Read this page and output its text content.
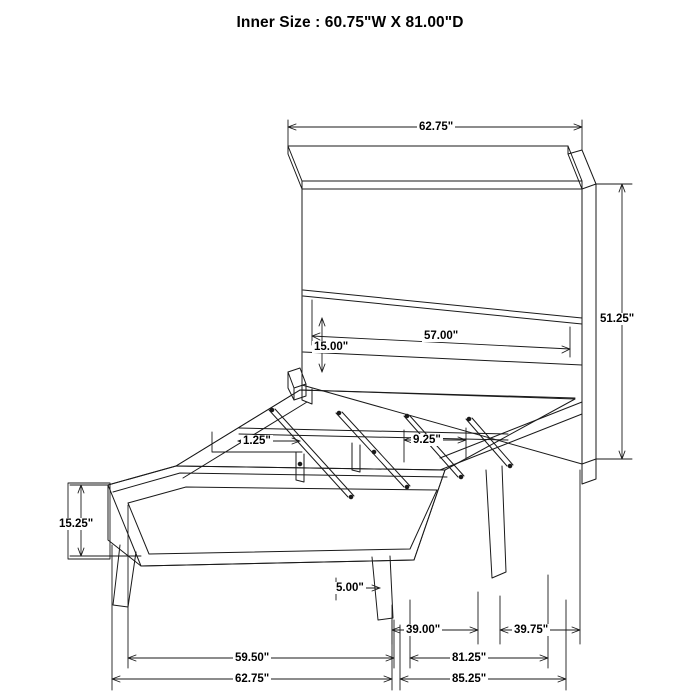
Inner Size : 60.75"W X 81.00"D
62.75"
51.25"
57.00"
15.00"
1.25"	9.25"
15.25"
5.00"
39.00"	39.75"
59.50"	81.25"
62.75"	85.25"
